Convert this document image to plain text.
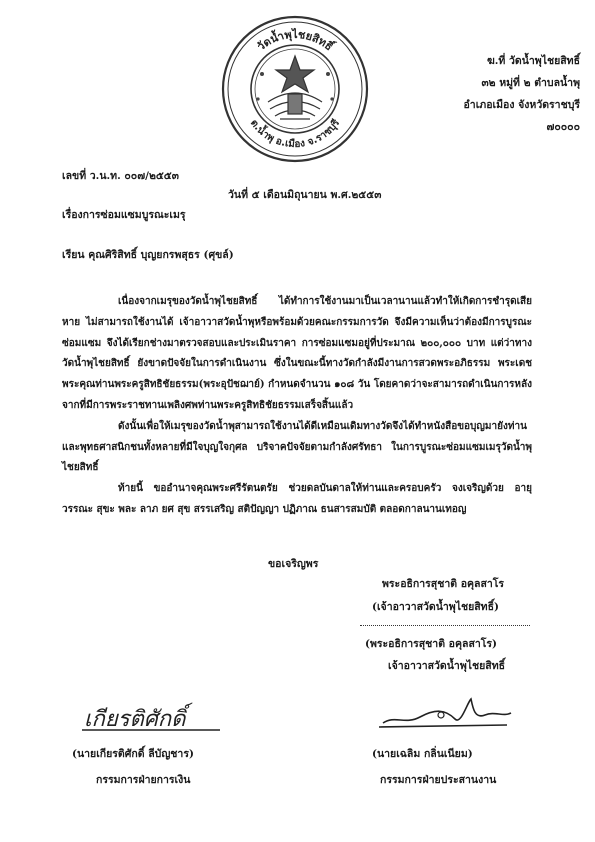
วัดน้ำพุไชยสิทธิ์
ต.น้ำพุ อ.เมือง จ.ราชบุรี
ฆ.ที่ วัดน้ำพุไชยสิทธิ์
๓๒ หมู่ที่ ๒ ตำบลน้ำพุ
อำเภอเมือง จังหวัดราชบุรี
๗๐๐๐๐
เลขที่ ว.น.ท. ๐๐๗/๒๕๕๓
วันที่ ๕ เดือนมิถุนายน พ.ศ.๒๕๕๓
เรื่องการซ่อมแซมบูรณะเมรุ
เรียน คุณศิริสิทธิ์ บุญยกรพสุธร (ศุขล์)

เนื่องจากเมรุของวัดน้ำพุไชยสิทธิ์ ได้ทำการใช้งานมาเป็นเวลานานแล้วทำให้เกิดการชำรุดเสียหาย ไม่สามารถใช้งานได้ เจ้าอาวาสวัดน้ำพุหรือพร้อมด้วยคณะกรรมการวัด จึงมีความเห็นว่าต้องมีการบูรณะซ่อมแซม จึงได้เรียกช่างมาตรวจสอบและประเมินราคา การซ่อมแซมอยู่ที่ประมาณ ๒๐๐,๐๐๐ บาท แต่ว่าทาง วัดน้ำพุไชยสิทธิ์ ยังขาดปัจจัยในการดำเนินงาน ซึ่งในขณะนี้ทางวัดกำลังมีงานการสวดพระอภิธรรม พระเดชพระคุณท่านพระครูสิทธิชัยธรรม(พระอุปัชฌาย์) กำหนดจำนวน ๑๐๘ วัน โดยคาดว่าจะสามารถดำเนินการหลังจากที่มีการพระราชทานเพลิงศพท่านพระครูสิทธิชัยธรรมเสร็จสิ้นแล้ว

ดังนั้นเพื่อให้เมรุของวัดน้ำพุสามารถใช้งานได้ดีเหมือนเดิมทางวัดจึงได้ทำหนังสือขอบุญมายังท่านและพุทธศาสนิกชนทั้งหลายที่มีใจบุญใจกุศล บริจาคปัจจัยตามกำลังศรัทธา ในการบูรณะซ่อมแซมเมรุวัดน้ำพุไชยสิทธิ์

ท้ายนี้ ขออำนาจคุณพระศรีรัตนตรัย ช่วยดลบันดาลให้ท่านและครอบครัว จงเจริญด้วย อายุ วรรณะ สุขะ พละ ลาภ ยศ สุข สรรเสริญ สติปัญญา ปฏิภาณ ธนสารสมบัติ ตลอดกาลนานเทอญ

ขอเจริญพร
พระอธิการสุชาติ อคุลสาโร
(เจ้าอาวาสวัดน้ำพุไชยสิทธิ์)
(พระอธิการสุชาติ อคุลสาโร)
เจ้าอาวาสวัดน้ำพุไชยสิทธิ์
เกียรติศักดิ์
(นายเกียรติศักดิ์ ลีบัญชาร)
กรรมการฝ่ายการเงิน
(นายเฉลิม กลิ่นเนียม)
กรรมการฝ่ายประสานงาน
